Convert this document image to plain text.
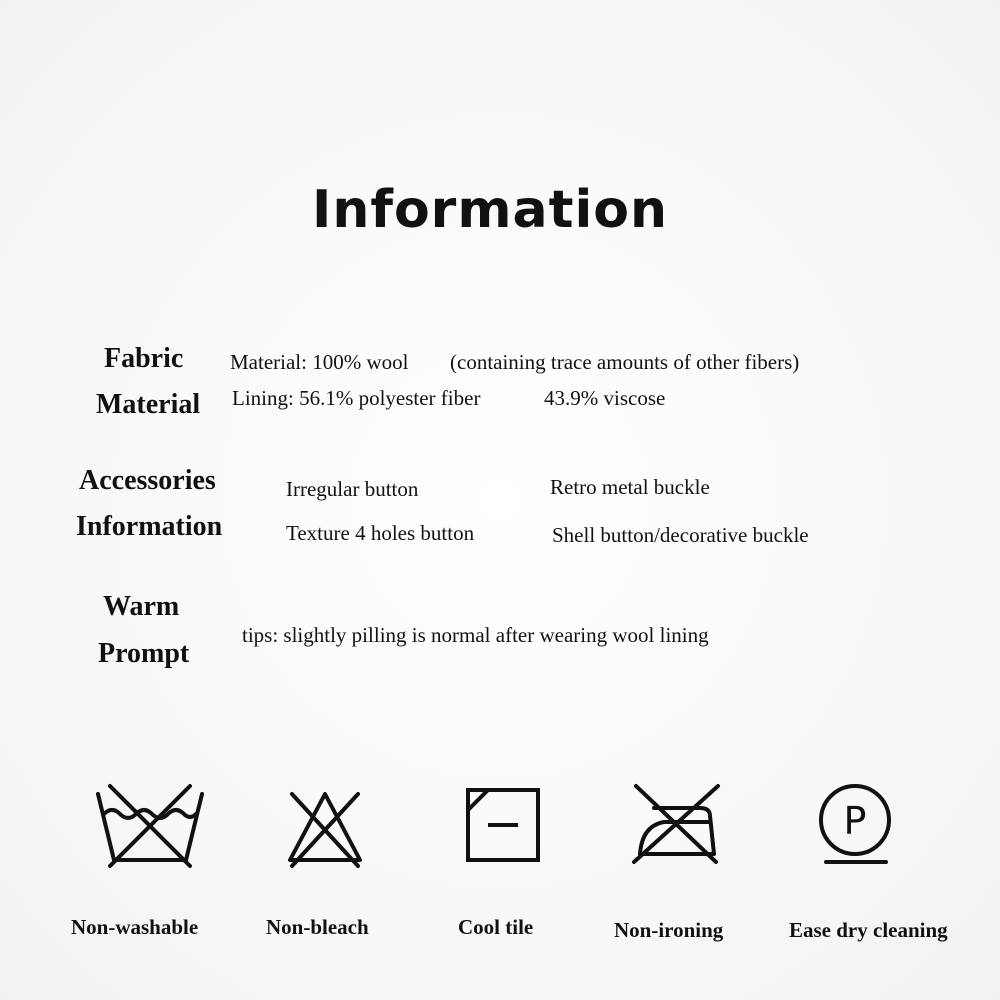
Information
Fabric
Material
Material: 100% wool (containing trace amounts of other fibers)
Lining: 56.1% polyester fiber	43.9% viscose
Accessories
Information
Irregular button	Retro metal buckle
Texture 4 holes button	Shell button/decorative buckle
Warm
Prompt
tips: slightly pilling is normal after wearing wool lining
P
Non-washable	Non-bleach	Cool tile	Non-ironing	Ease dry cleaning
